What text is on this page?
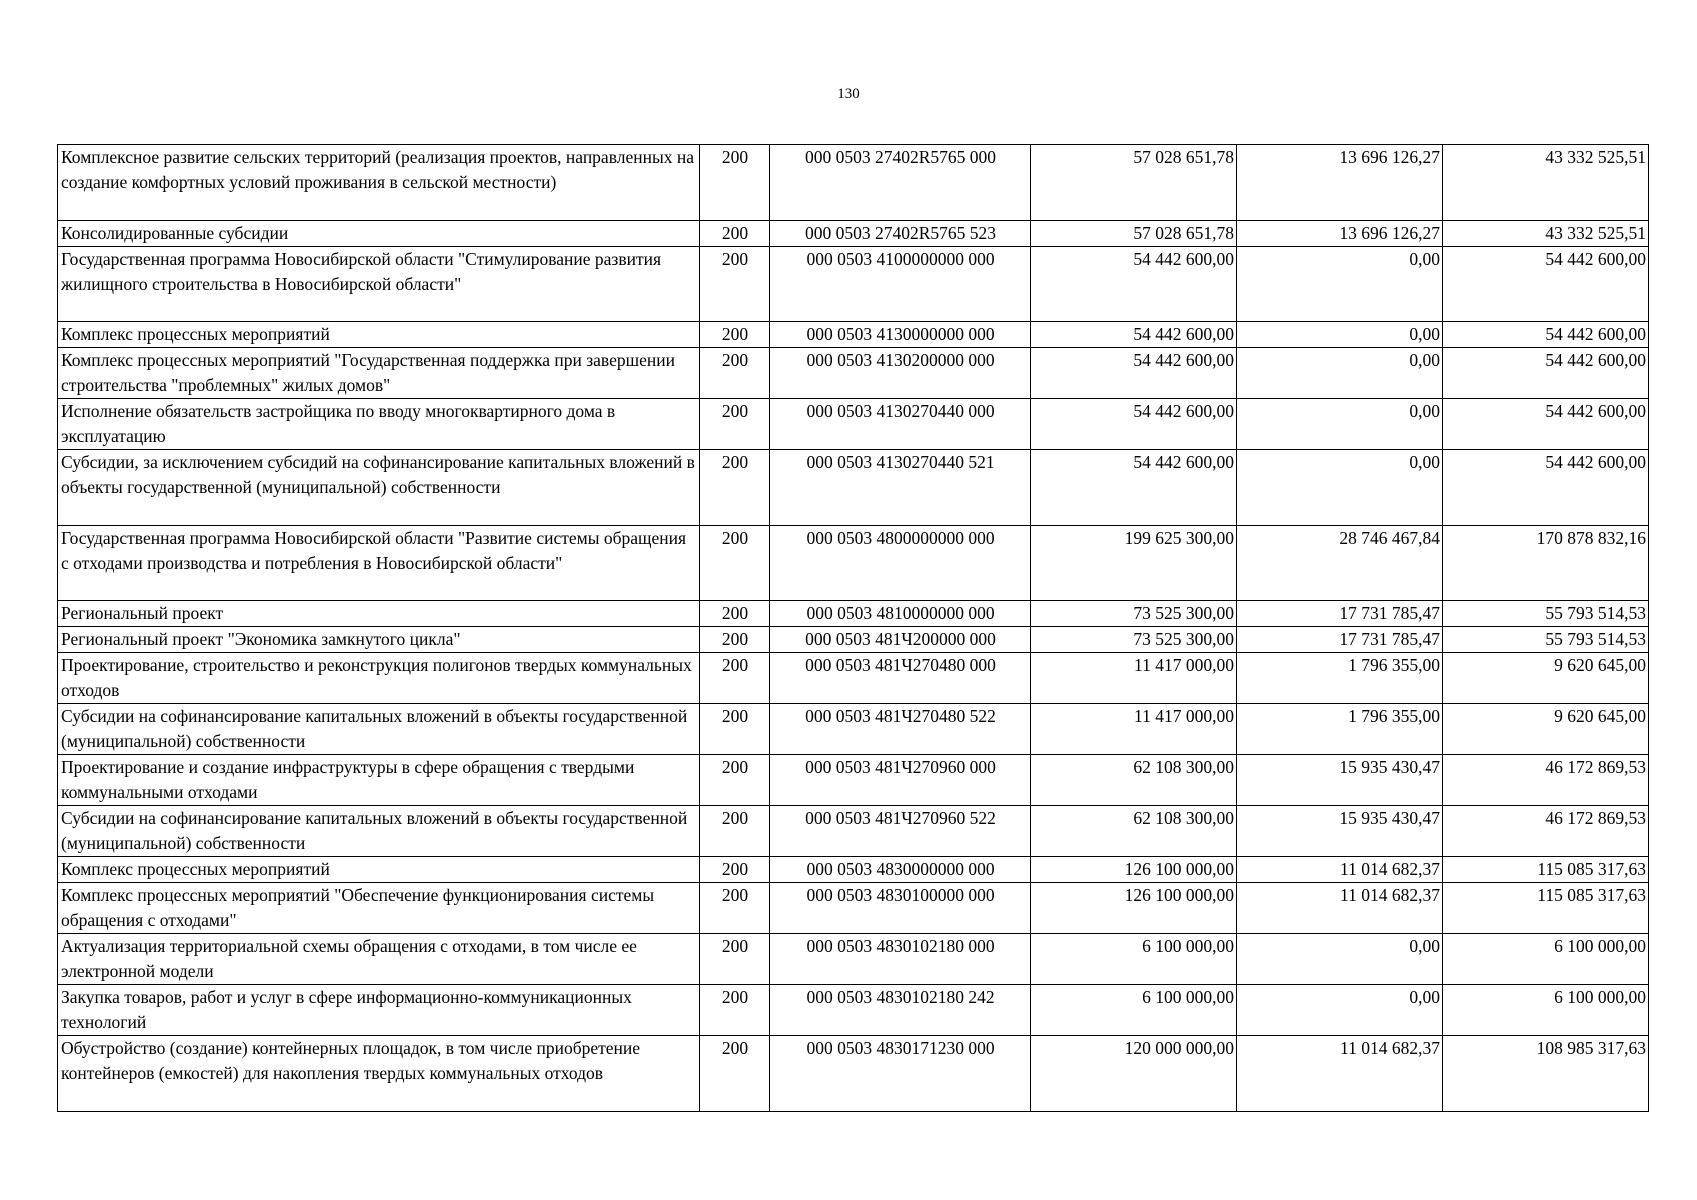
130
Комплексное развитие сельских территорий (реализация проектов, направленных на создание комфортных условий проживания в сельской местности)	200	000 0503 27402R5765 000	57 028 651,78	13 696 126,27	43 332 525,51
Консолидированные субсидии	200	000 0503 27402R5765 523	57 028 651,78	13 696 126,27	43 332 525,51
Государственная программа Новосибирской области "Стимулирование развития жилищного строительства в Новосибирской области"	200	000 0503 4100000000 000	54 442 600,00	0,00	54 442 600,00
Комплекс процессных мероприятий	200	000 0503 4130000000 000	54 442 600,00	0,00	54 442 600,00
Комплекс процессных мероприятий "Государственная поддержка при завершении строительства "проблемных" жилых домов"	200	000 0503 4130200000 000	54 442 600,00	0,00	54 442 600,00
Исполнение обязательств застройщика по вводу многоквартирного дома в эксплуатацию	200	000 0503 4130270440 000	54 442 600,00	0,00	54 442 600,00
Субсидии, за исключением субсидий на софинансирование капитальных вложений в объекты государственной (муниципальной) собственности	200	000 0503 4130270440 521	54 442 600,00	0,00	54 442 600,00
Государственная программа Новосибирской области "Развитие системы обращения с отходами производства и потребления в Новосибирской области"	200	000 0503 4800000000 000	199 625 300,00	28 746 467,84	170 878 832,16
Региональный проект	200	000 0503 4810000000 000	73 525 300,00	17 731 785,47	55 793 514,53
Региональный проект "Экономика замкнутого цикла"	200	000 0503 481Ч200000 000	73 525 300,00	17 731 785,47	55 793 514,53
Проектирование, строительство и реконструкция полигонов твердых коммунальных отходов	200	000 0503 481Ч270480 000	11 417 000,00	1 796 355,00	9 620 645,00
Субсидии на софинансирование капитальных вложений в объекты государственной (муниципальной) собственности	200	000 0503 481Ч270480 522	11 417 000,00	1 796 355,00	9 620 645,00
Проектирование и создание инфраструктуры в сфере обращения с твердыми коммунальными отходами	200	000 0503 481Ч270960 000	62 108 300,00	15 935 430,47	46 172 869,53
Субсидии на софинансирование капитальных вложений в объекты государственной (муниципальной) собственности	200	000 0503 481Ч270960 522	62 108 300,00	15 935 430,47	46 172 869,53
Комплекс процессных мероприятий	200	000 0503 4830000000 000	126 100 000,00	11 014 682,37	115 085 317,63
Комплекс процессных мероприятий "Обеспечение функционирования системы обращения с отходами"	200	000 0503 4830100000 000	126 100 000,00	11 014 682,37	115 085 317,63
Актуализация территориальной схемы обращения с отходами, в том числе ее электронной модели	200	000 0503 4830102180 000	6 100 000,00	0,00	6 100 000,00
Закупка товаров, работ и услуг в сфере информационно-коммуникационных технологий	200	000 0503 4830102180 242	6 100 000,00	0,00	6 100 000,00
Обустройство (создание) контейнерных площадок, в том числе приобретение контейнеров (емкостей) для накопления твердых коммунальных отходов	200	000 0503 4830171230 000	120 000 000,00	11 014 682,37	108 985 317,63
